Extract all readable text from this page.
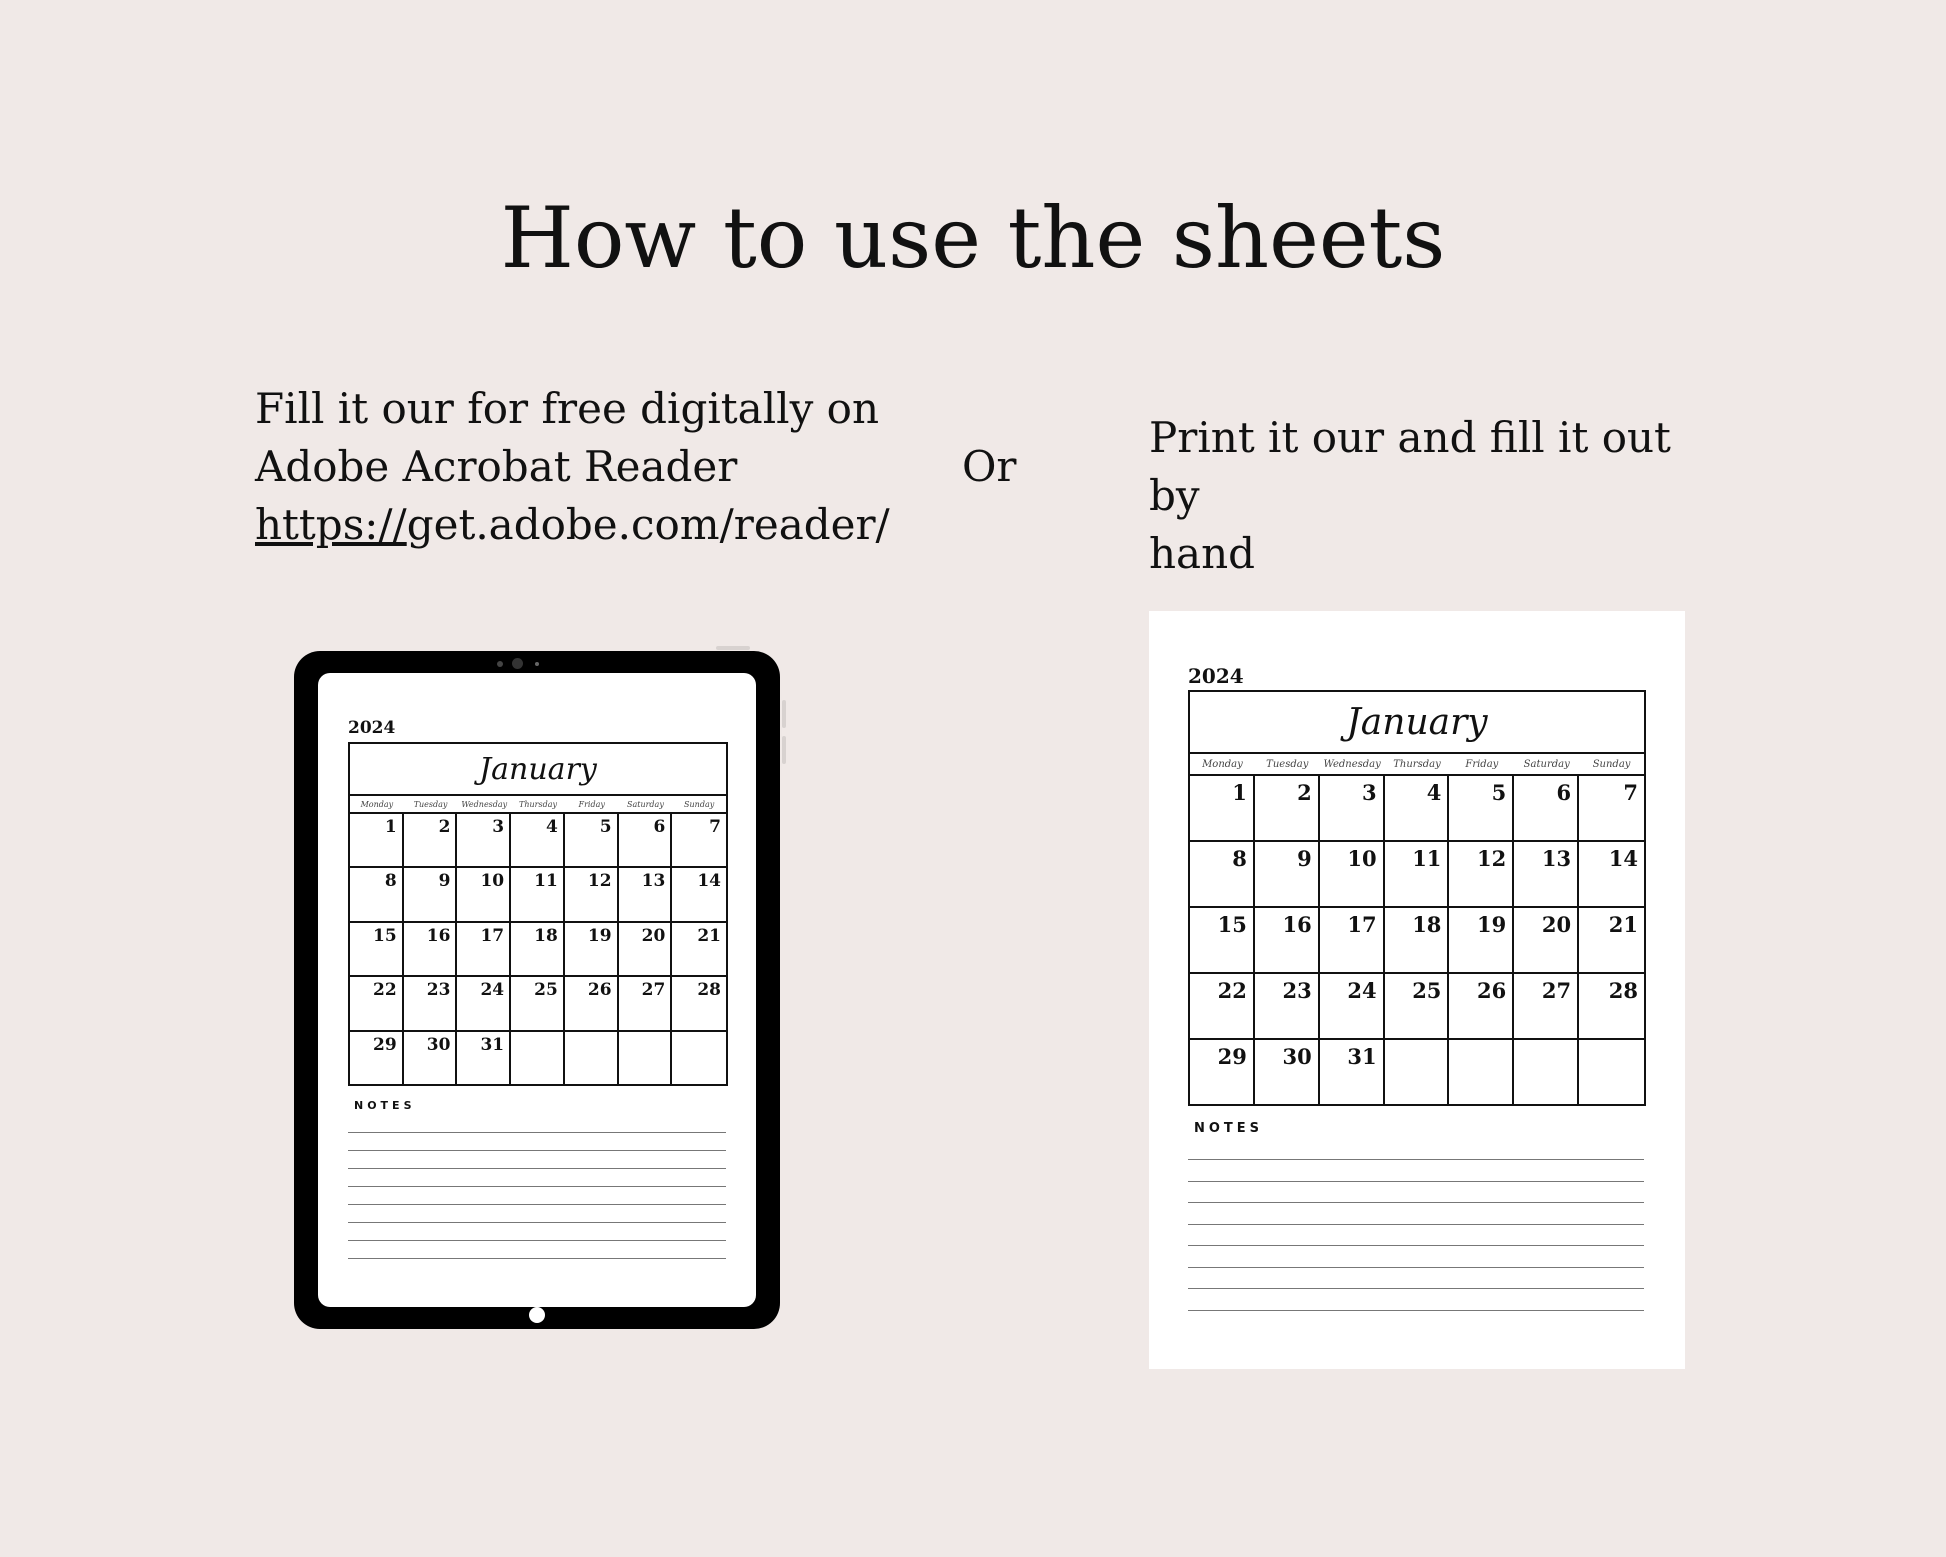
How to use the sheets
Fill it our for free digitally on
Adobe Acrobat Reader
https://get.adobe.com/reader/
Or
Print it our and fill it out by
hand
2024
January
Monday	Tuesday	Wednesday	Thursday	Friday	Saturday	Sunday
1	2	3	4	5	6	7
8	9	10	11	12	13	14
15	16	17	18	19	20	21
22	23	24	25	26	27	28
29	30	31
NOTES
2024
January
Monday	Tuesday	Wednesday	Thursday	Friday	Saturday	Sunday
1	2	3	4	5	6	7
8	9	10	11	12	13	14
15	16	17	18	19	20	21
22	23	24	25	26	27	28
29	30	31
NOTES
